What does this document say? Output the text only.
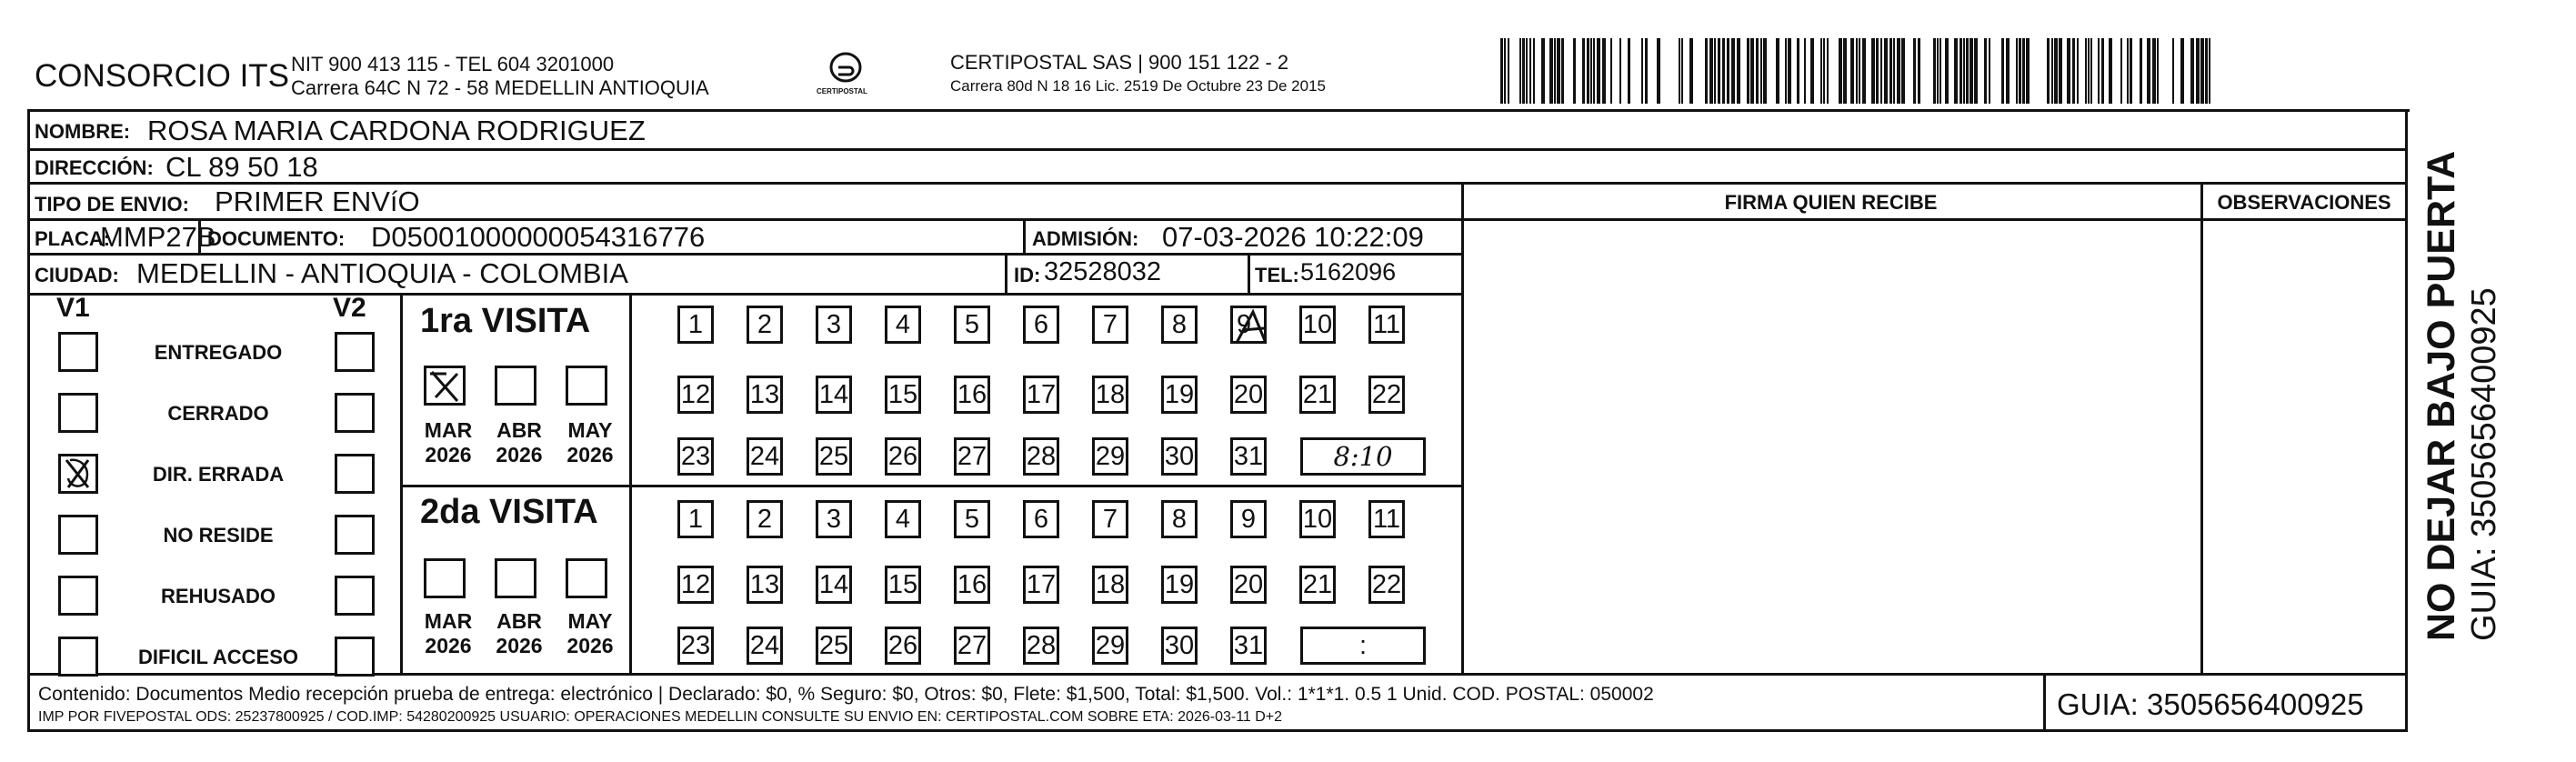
CONSORCIO ITS NIT 900 413 115 - TEL 604 3201000
Carrera 64C N 72 - 58 MEDELLIN ANTIOQUIA	CERTIPOSTAL
CERTIPOSTAL SAS | 900 151 122 - 2
Carrera 80d N 18 16 Lic. 2519 De Octubre 23 De 2015
NOMBRE: ROSA MARIA CARDONA RODRIGUEZ
DIRECCIÓN: CL 89 50 18
TIPO DE ENVIO: PRIMER ENVíO
PLACA:
MMP27B
DOCUMENTO: D05001000000054316776	ADMISIÓN: 07-03-2026 10:22:09
CIUDAD: MEDELLIN - ANTIOQUIA - COLOMBIA	ID: 32528032	TEL: 5162096
FIRMA QUIEN RECIBE	OBSERVACIONES
V1	V2 1ra VISITA
2da VISITA
Contenido: Documentos Medio recepción prueba de entrega: electrónico | Declarado: $0, % Seguro: $0, Otros: $0, Flete: $1,500, Total: $1,500. Vol.: 1*1*1. 0.5 1 Unid. COD. POSTAL: 050002
IMP POR FIVEPOSTAL ODS: 25237800925 / COD.IMP: 54280200925 USUARIO: OPERACIONES MEDELLIN CONSULTE SU ENVIO EN: CERTIPOSTAL.COM SOBRE ETA: 2026-03-11 D+2	GUIA: 3505656400925
NO DEJAR BAJO PUERTA GUIA: 3505656400925
ENTREGADO
CERRADO
DIR. ERRADA
NO RESIDE
REHUSADO
DIFICIL ACCESO
MAR
2026
ABR
2026
MAY
2026
1	2	3	4	5	6	7	8	9 10 11
12 13 14 15 16 17 18 19 20 21 22
23 24 25 26 27 28 29 30 31	8:10
MAR
2026
ABR
2026
MAY
2026
1	2	3	4	5	6	7	8	9	10 11
12 13 14 15 16 17 18 19 20 21 22
23 24 25 26 27 28 29 30 31	:
